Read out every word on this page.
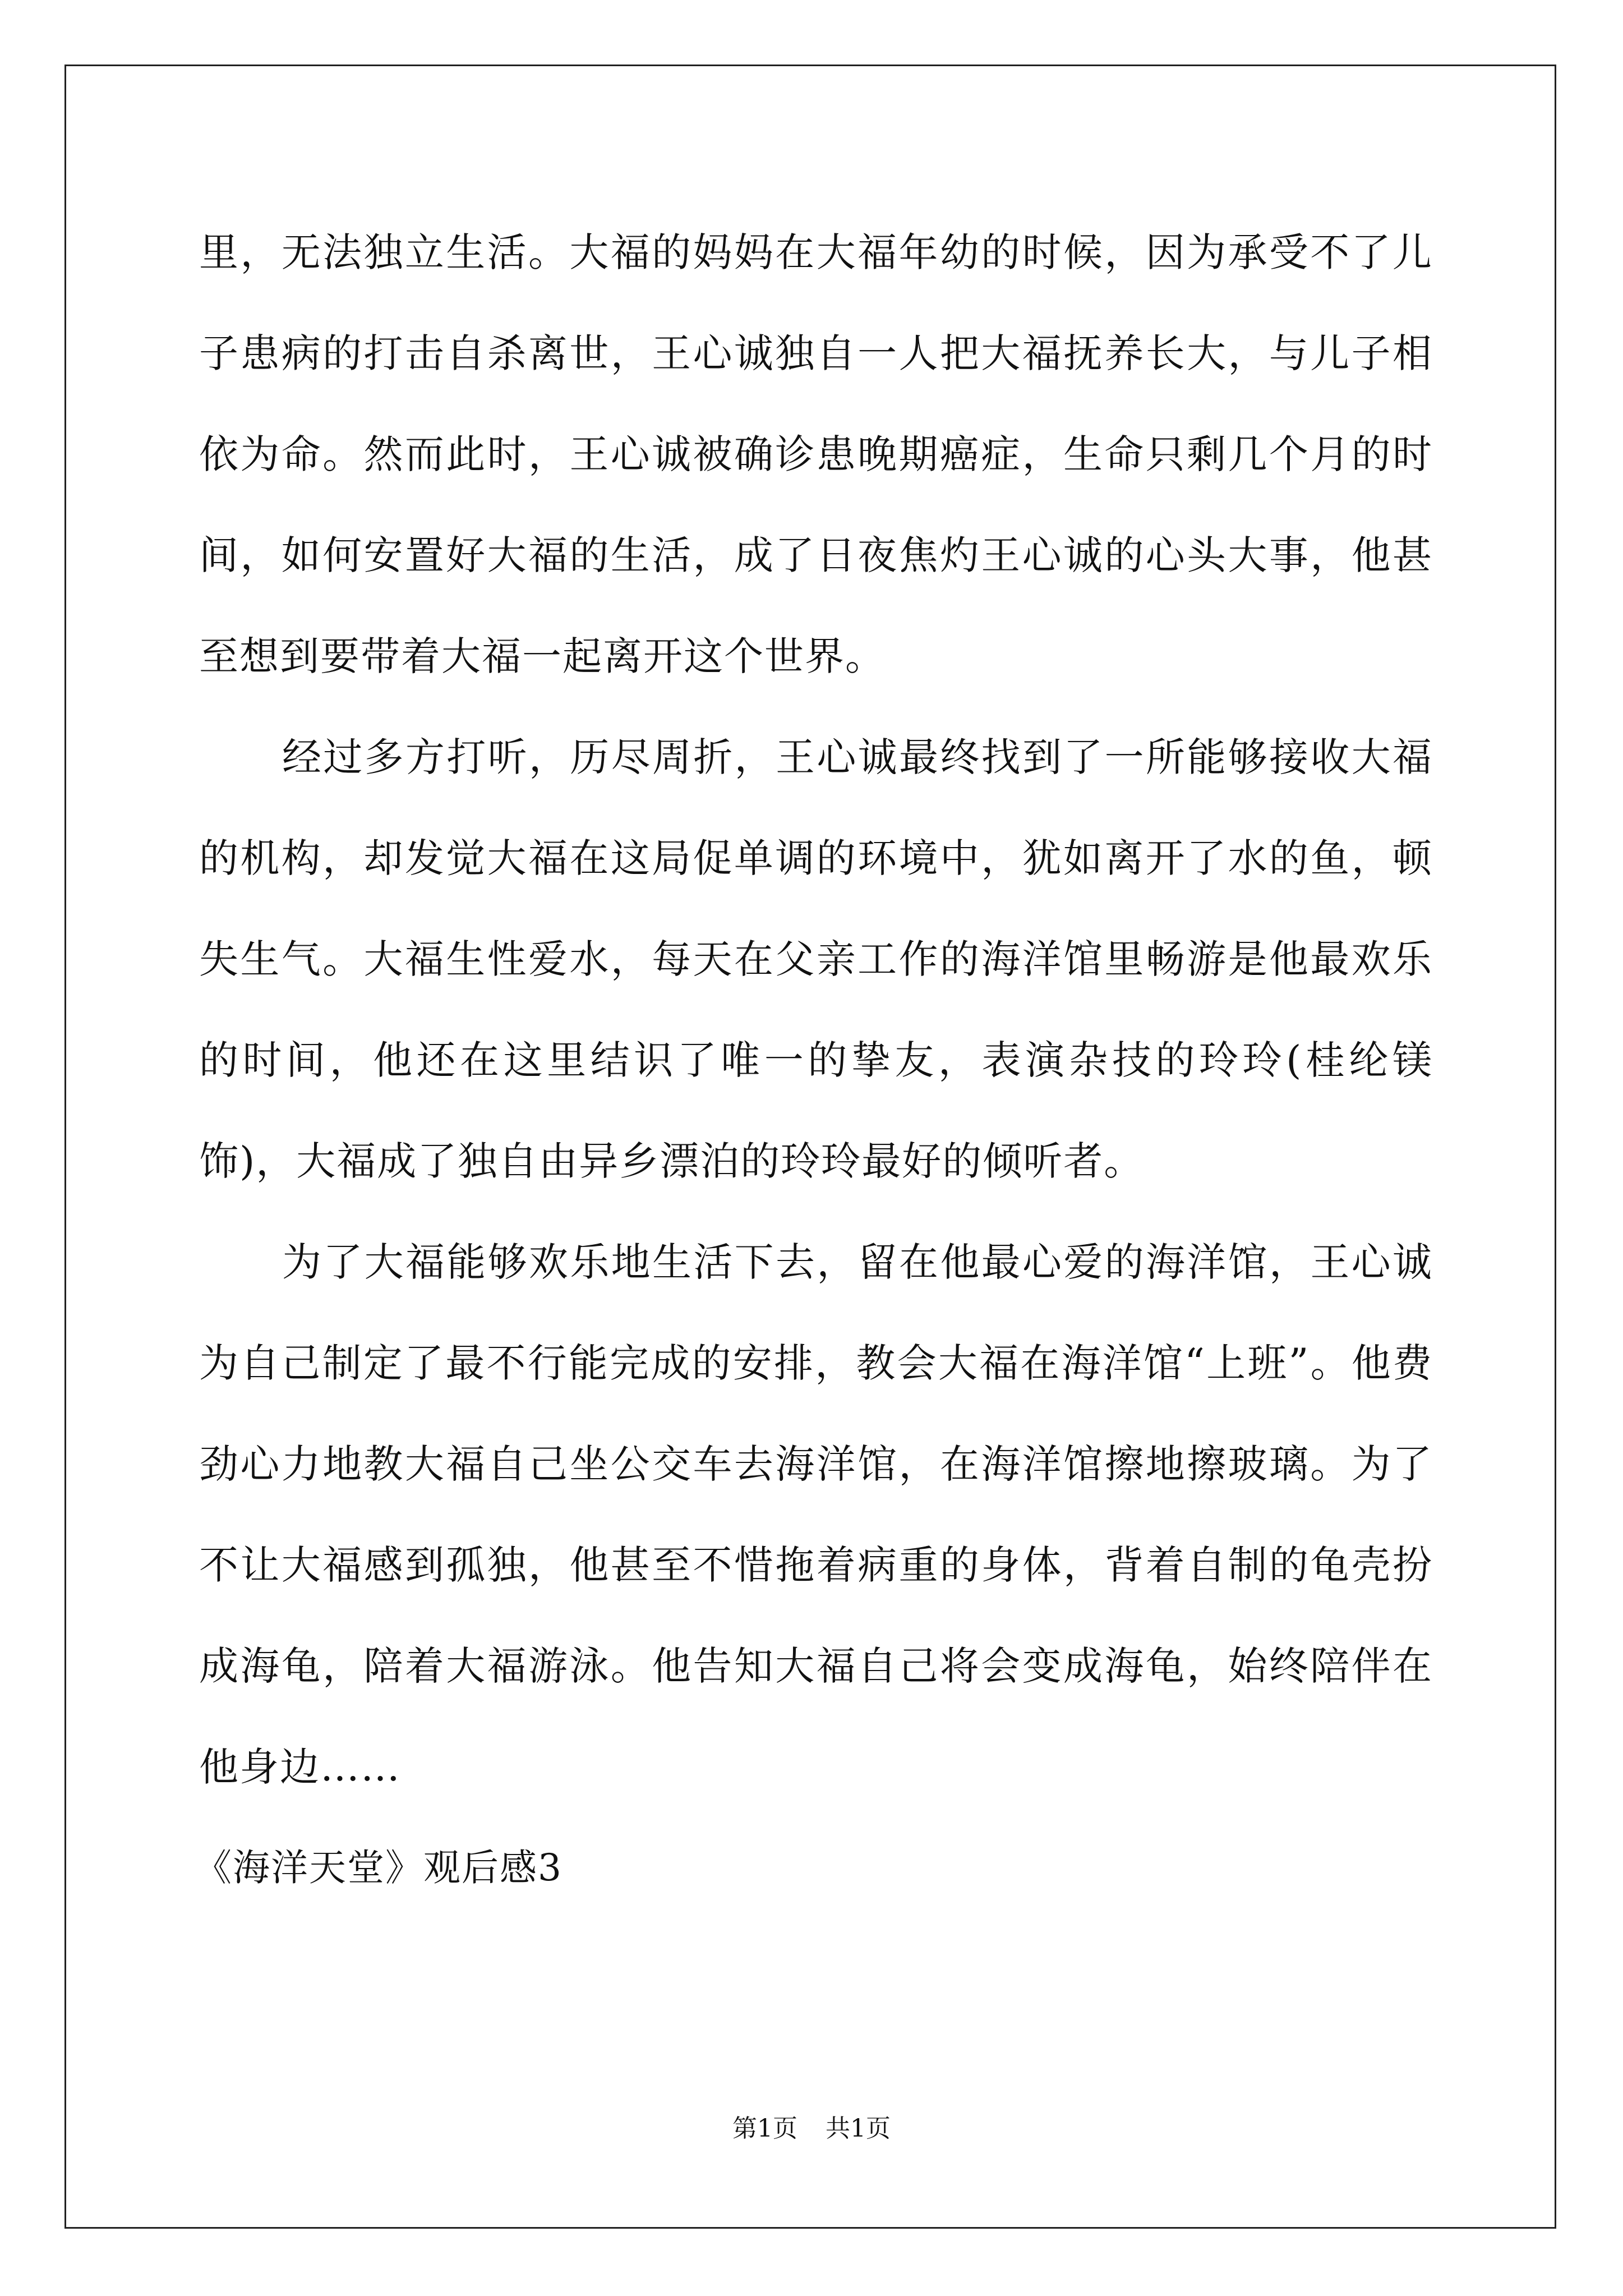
里，无法独立生活。大福的妈妈在大福年幼的时候，因为承受不了儿子患病的打击自杀离世，王心诚独自一人把大福抚养长大，与儿子相依为命。然而此时，王心诚被确诊患晚期癌症，生命只剩几个月的时间，如何安置好大福的生活，成了日夜焦灼王心诚的心头大事，他甚至想到要带着大福一起离开这个世界。

经过多方打听，历尽周折，王心诚最终找到了一所能够接收大福的机构，却发觉大福在这局促单调的环境中，犹如离开了水的鱼，顿失生气。大福生性爱水，每天在父亲工作的海洋馆里畅游是他最欢乐的时间，他还在这里结识了唯一的挚友，表演杂技的玲玲(桂纶镁饰)，大福成了独自由异乡漂泊的玲玲最好的倾听者。

为了大福能够欢乐地生活下去，留在他最心爱的海洋馆，王心诚为自己制定了最不行能完成的安排，教会大福在海洋馆“上班”。他费劲心力地教大福自己坐公交车去海洋馆，在海洋馆擦地擦玻璃。为了不让大福感到孤独，他甚至不惜拖着病重的身体，背着自制的龟壳扮成海龟，陪着大福游泳。他告知大福自己将会变成海龟，始终陪伴在他身边……

《海洋天堂》观后感3

第1页 共1页
